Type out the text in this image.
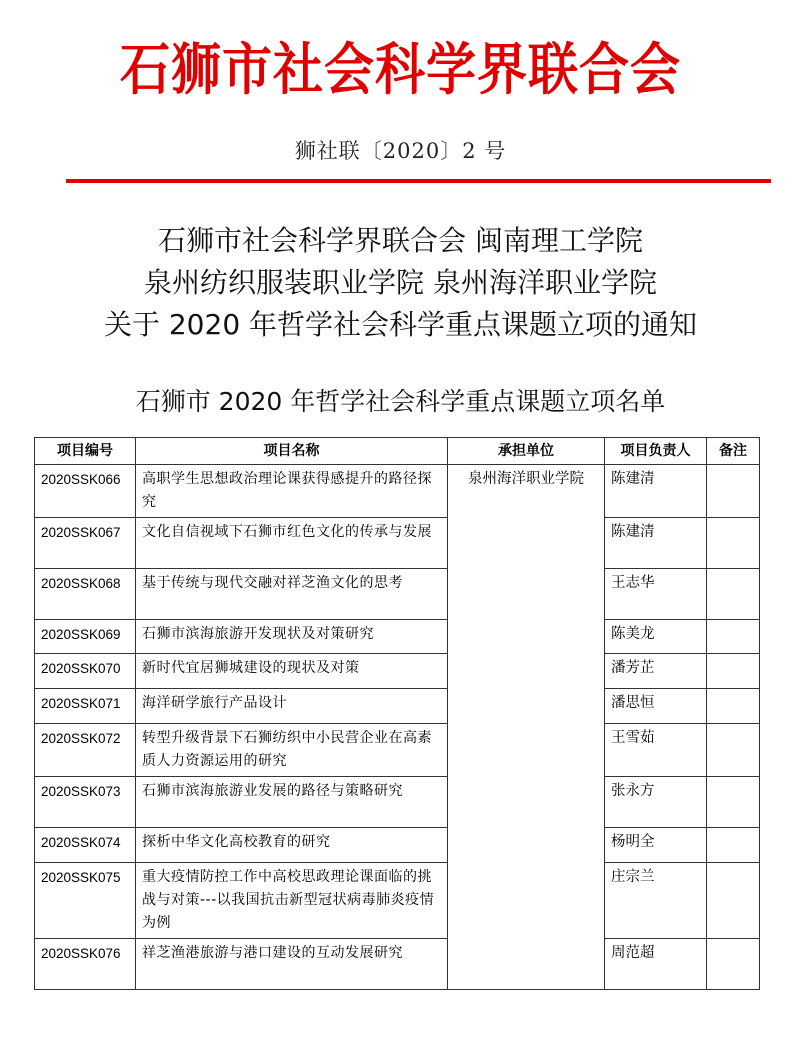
石狮市社会科学界联合会
狮社联〔2020〕2 号
石狮市社会科学界联合会 闽南理工学院
泉州纺织服装职业学院 泉州海洋职业学院
关于 2020 年哲学社会科学重点课题立项的通知
石狮市 2020 年哲学社会科学重点课题立项名单
项目编号	项目名称	承担单位	项目负责人	备注
2020SSK066	高职学生思想政治理论课获得感提升的路径探究	泉州海洋职业学院	陈建清	
2020SSK067	文化自信视域下石狮市红色文化的传承与发展		陈建清	
2020SSK068	基于传统与现代交融对祥芝渔文化的思考		王志华	
2020SSK069	石狮市滨海旅游开发现状及对策研究		陈美龙	
2020SSK070	新时代宜居狮城建设的现状及对策		潘芳芷	
2020SSK071	海洋研学旅行产品设计		潘思恒	
2020SSK072	转型升级背景下石狮纺织中小民营企业在高素质人力资源运用的研究		王雪茹	
2020SSK073	石狮市滨海旅游业发展的路径与策略研究		张永方	
2020SSK074	探析中华文化高校教育的研究		杨明全	
2020SSK075	重大疫情防控工作中高校思政理论课面临的挑战与对策---以我国抗击新型冠状病毒肺炎疫情为例		庄宗兰	
2020SSK076	祥芝渔港旅游与港口建设的互动发展研究		周范超	
